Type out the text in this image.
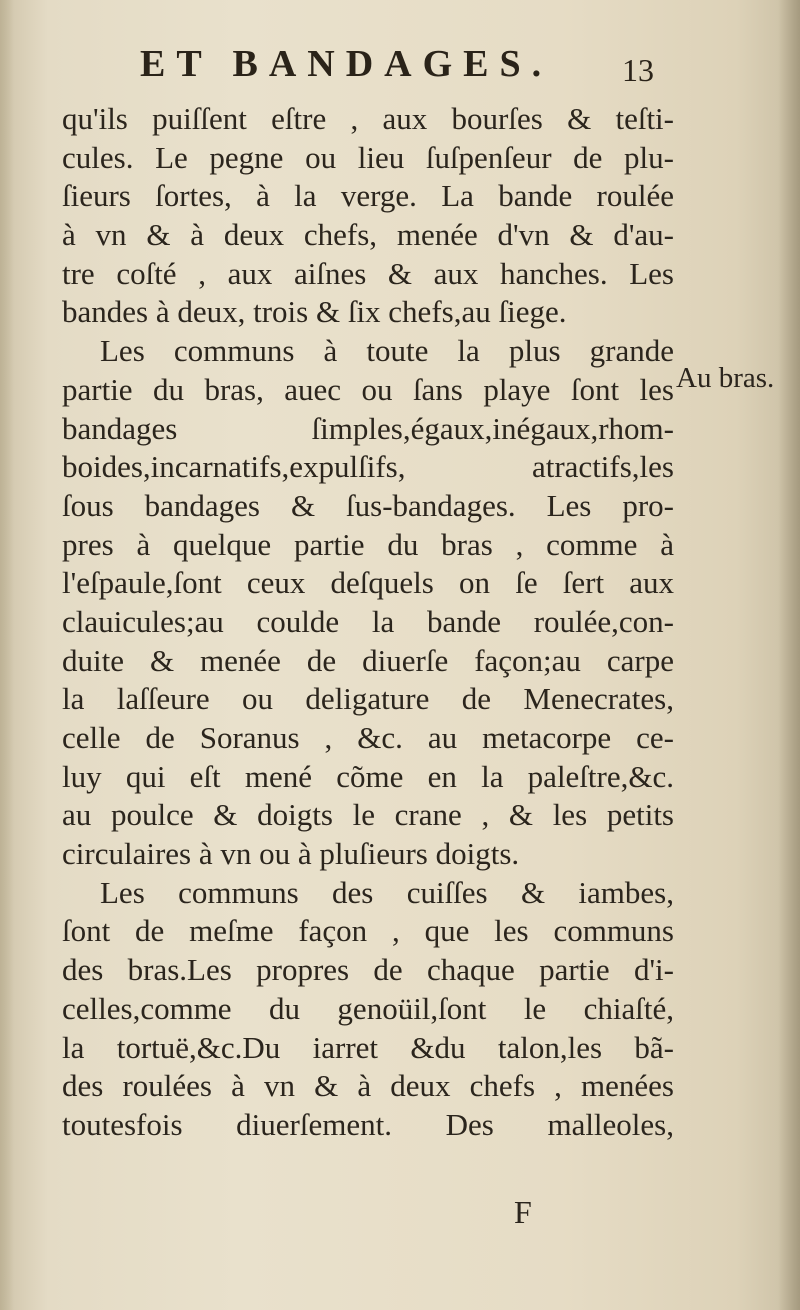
ET BANDAGES. 13
qu'ils puiſſent eſtre , aux bourſes & teſti-
cules. Le pegne ou lieu ſuſpenſeur de plu-
ſieurs ſortes, à la verge. La bande roulée
à vn & à deux chefs, menée d'vn & d'au-
tre coſté , aux aiſnes & aux hanches. Les
bandes à deux, trois & ſix chefs,au ſiege.
Les communs à toute la plus grande
partie du bras, auec ou ſans playe ſont les
bandages ſimples,égaux,inégaux,rhom-
boides,incarnatifs,expulſifs, atractifs,les
ſous bandages & ſus-bandages. Les pro-
pres à quelque partie du bras , comme à
l'eſpaule,ſont ceux deſquels on ſe ſert aux
clauicules;au coulde la bande roulée,con-
duite & menée de diuerſe façon;au carpe
la laſſeure ou deligature de Menecrates,
celle de Soranus , &c. au metacorpe ce-
luy qui eſt mené cõme en la paleſtre,&c.
au poulce & doigts le crane , & les petits
circulaires à vn ou à pluſieurs doigts.
Les communs des cuiſſes & iambes,
ſont de meſme façon , que les communs
des bras.Les propres de chaque partie d'i-
celles,comme du genoüil,ſont le chiaſté,
la tortuë,&c.Du iarret &du talon,les bã-
des roulées à vn & à deux chefs , menées
toutesfois diuerſement. Des malleoles,
Au bras.
F
